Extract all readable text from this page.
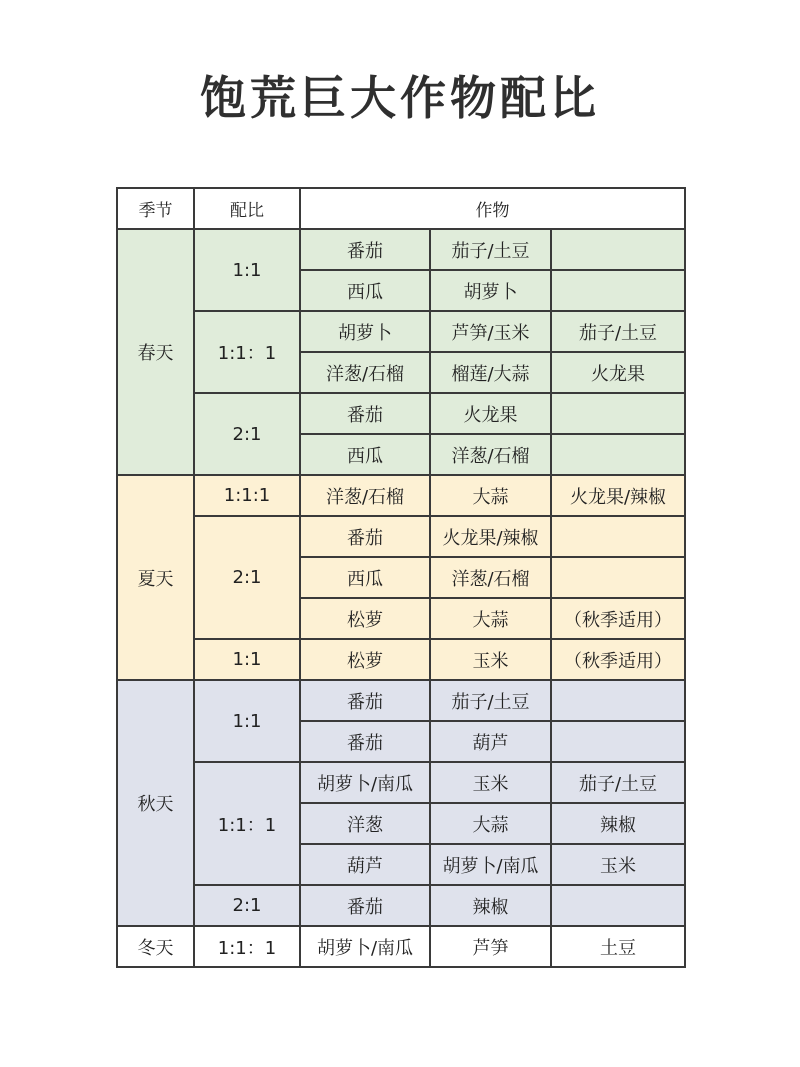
饱荒巨大作物配比
季节	配比	作物		
春天	1:1	番茄	茄子/土豆	
		西瓜	胡萝卜	
	1:1：1	胡萝卜	芦笋/玉米	茄子/土豆
		洋葱/石榴	榴莲/大蒜	火龙果
	2:1	番茄	火龙果	
		西瓜	洋葱/石榴	
夏天	1:1:1	洋葱/石榴	大蒜	火龙果/辣椒
	2:1	番茄	火龙果/辣椒	
		西瓜	洋葱/石榴	
		松萝	大蒜	（秋季适用）
	1:1	松萝	玉米	（秋季适用）
秋天	1:1	番茄	茄子/土豆	
		番茄	葫芦	
	1:1：1	胡萝卜/南瓜	玉米	茄子/土豆
		洋葱	大蒜	辣椒
		葫芦	胡萝卜/南瓜	玉米
	2:1	番茄	辣椒	
冬天	1:1：1	胡萝卜/南瓜	芦笋	土豆
